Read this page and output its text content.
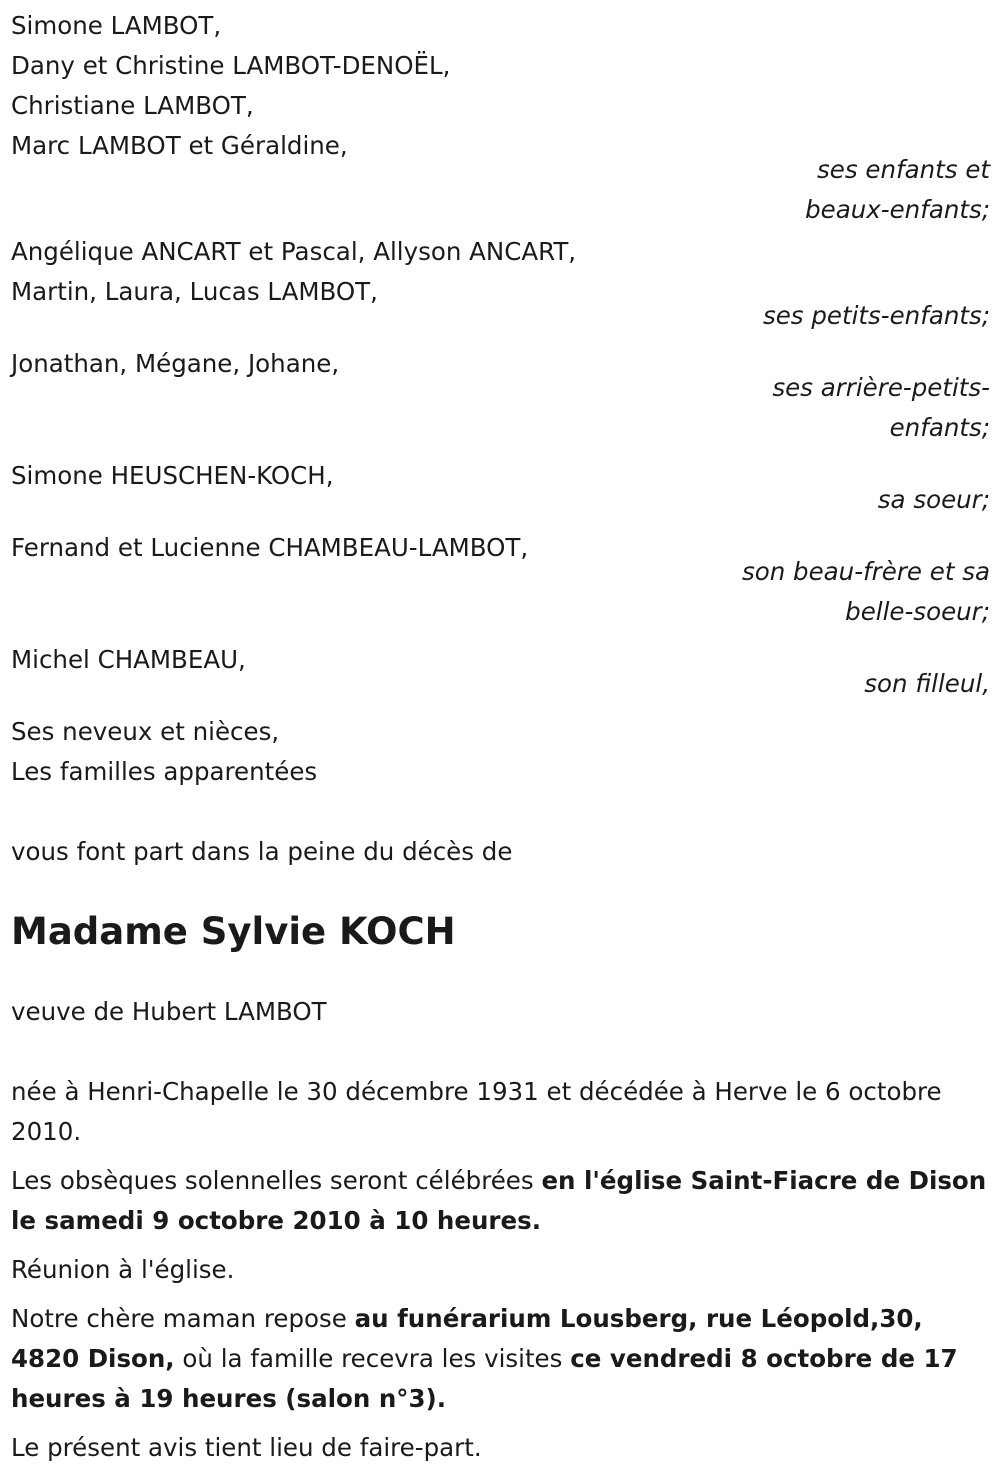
Simone LAMBOT,
Dany et Christine LAMBOT-DENOËL,
Christiane LAMBOT,
Marc LAMBOT et Géraldine,
ses enfants et
beaux-enfants;
Angélique ANCART et Pascal, Allyson ANCART,
Martin, Laura, Lucas LAMBOT,
ses petits-enfants;
Jonathan, Mégane, Johane,
ses arrière-petits-
enfants;
Simone HEUSCHEN-KOCH,
sa soeur;
Fernand et Lucienne CHAMBEAU-LAMBOT,
son beau-frère et sa
belle-soeur;
Michel CHAMBEAU,
son filleul,
Ses neveux et nièces,
Les familles apparentées
vous font part dans la peine du décès de
Madame Sylvie KOCH
veuve de Hubert LAMBOT
née à Henri-Chapelle le 30 décembre 1931 et décédée à Herve le 6 octobre 2010.
Les obsèques solennelles seront célébrées en l'église Saint-Fiacre de Dison le samedi 9 octobre 2010 à 10 heures.
Réunion à l'église.
Notre chère maman repose au funérarium Lousberg, rue Léopold,30, 4820 Dison, où la famille recevra les visites ce vendredi 8 octobre de 17 heures à 19 heures (salon n°3).
Le présent avis tient lieu de faire-part.
